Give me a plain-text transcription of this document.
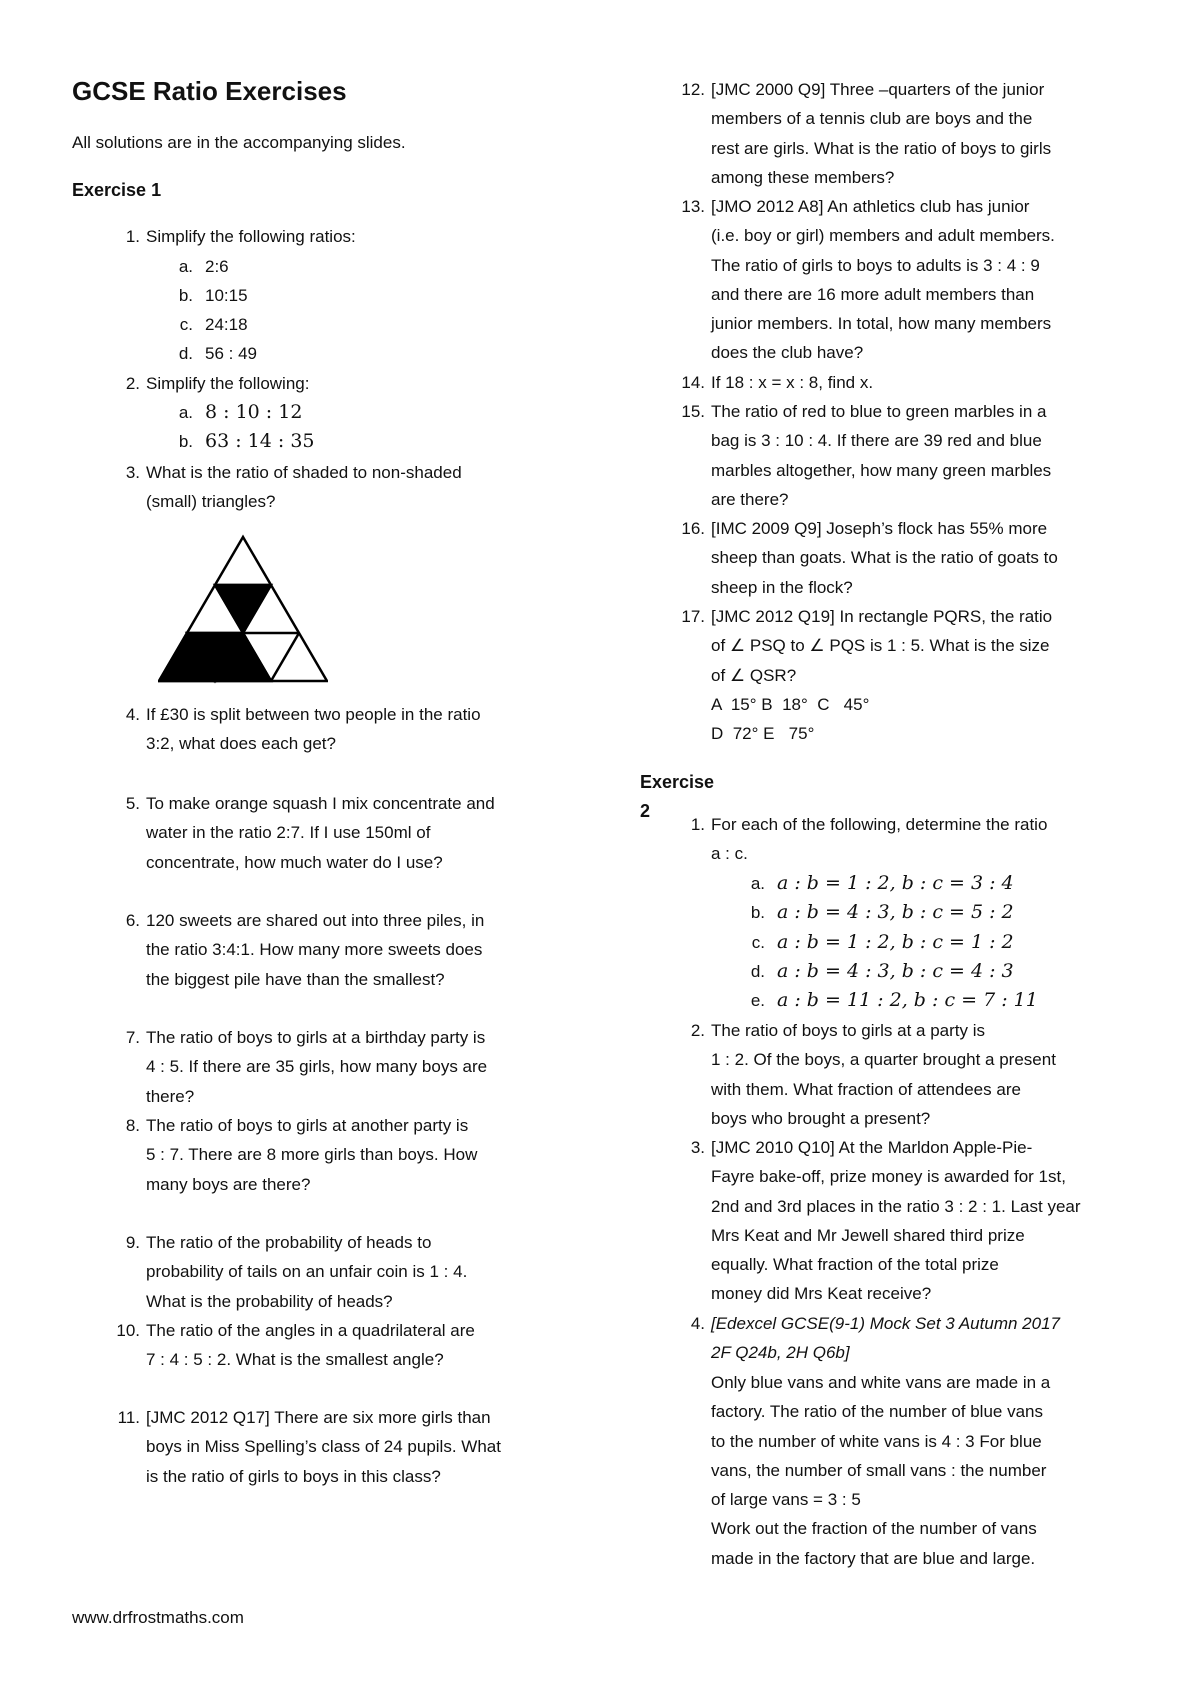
GCSE Ratio Exercises

All solutions are in the accompanying slides.

Exercise 1
1. Simplify the following ratios:
a. 2:6
b. 10:15
c. 24:18
d. 56 : 49
2. Simplify the following:
a. 8 : 10 : 12
b. 63 : 14 : 35
3. What is the ratio of shaded to non-shaded
(small) triangles?
4. If £30 is split between two people in the ratio
3:2, what does each get?
5. To make orange squash I mix concentrate and
water in the ratio 2:7. If I use 150ml of
concentrate, how much water do I use?
6. 120 sweets are shared out into three piles, in
the ratio 3:4:1. How many more sweets does
the biggest pile have than the smallest?
7. The ratio of boys to girls at a birthday party is
4 : 5. If there are 35 girls, how many boys are
there?
8. The ratio of boys to girls at another party is
5 : 7. There are 8 more girls than boys. How
many boys are there?
9. The ratio of the probability of heads to
probability of tails on an unfair coin is 1 : 4.
What is the probability of heads?
10. The ratio of the angles in a quadrilateral are
7 : 4 : 5 : 2. What is the smallest angle?
11. [JMC 2012 Q17] There are six more girls than
boys in Miss Spelling’s class of 24 pupils. What
is the ratio of girls to boys in this class?
12. [JMC 2000 Q9] Three –quarters of the junior
members of a tennis club are boys and the
rest are girls. What is the ratio of boys to girls
among these members?
13. [JMO 2012 A8] An athletics club has junior
(i.e. boy or girl) members and adult members.
The ratio of girls to boys to adults is 3 : 4 : 9
and there are 16 more adult members than
junior members. In total, how many members
does the club have?
14. If 18 : x = x : 8, find x.
15. The ratio of red to blue to green marbles in a
bag is 3 : 10 : 4. If there are 39 red and blue
marbles altogether, how many green marbles
are there?
16. [IMC 2009 Q9] Joseph’s flock has 55% more
sheep than goats. What is the ratio of goats to
sheep in the flock?
17. [JMC 2012 Q19] In rectangle PQRS, the ratio
of ∠ PSQ to ∠ PQS is 1 : 5. What is the size
of ∠ QSR?
A  15° B  18°  C   45°
D  72° E   75°
Exercise 2
1. For each of the following, determine the ratio
a : c.
a. a : b = 1 : 2, b : c = 3 : 4
b. a : b = 4 : 3, b : c = 5 : 2
c. a : b = 1 : 2, b : c = 1 : 2
d. a : b = 4 : 3, b : c = 4 : 3
e. a : b = 11 : 2, b : c = 7 : 11
2. The ratio of boys to girls at a party is
1 : 2. Of the boys, a quarter brought a present
with them. What fraction of attendees are
boys who brought a present?
3. [JMC 2010 Q10] At the Marldon Apple-Pie-
Fayre bake-off, prize money is awarded for 1st,
2nd and 3rd places in the ratio 3 : 2 : 1. Last year
Mrs Keat and Mr Jewell shared third prize
equally. What fraction of the total prize
money did Mrs Keat receive?
4. [Edexcel GCSE(9-1) Mock Set 3 Autumn 2017
2F Q24b, 2H Q6b]
Only blue vans and white vans are made in a
factory. The ratio of the number of blue vans
to the number of white vans is 4 : 3 For blue
vans, the number of small vans : the number
of large vans = 3 : 5
Work out the fraction of the number of vans
made in the factory that are blue and large.

www.drfrostmaths.com
